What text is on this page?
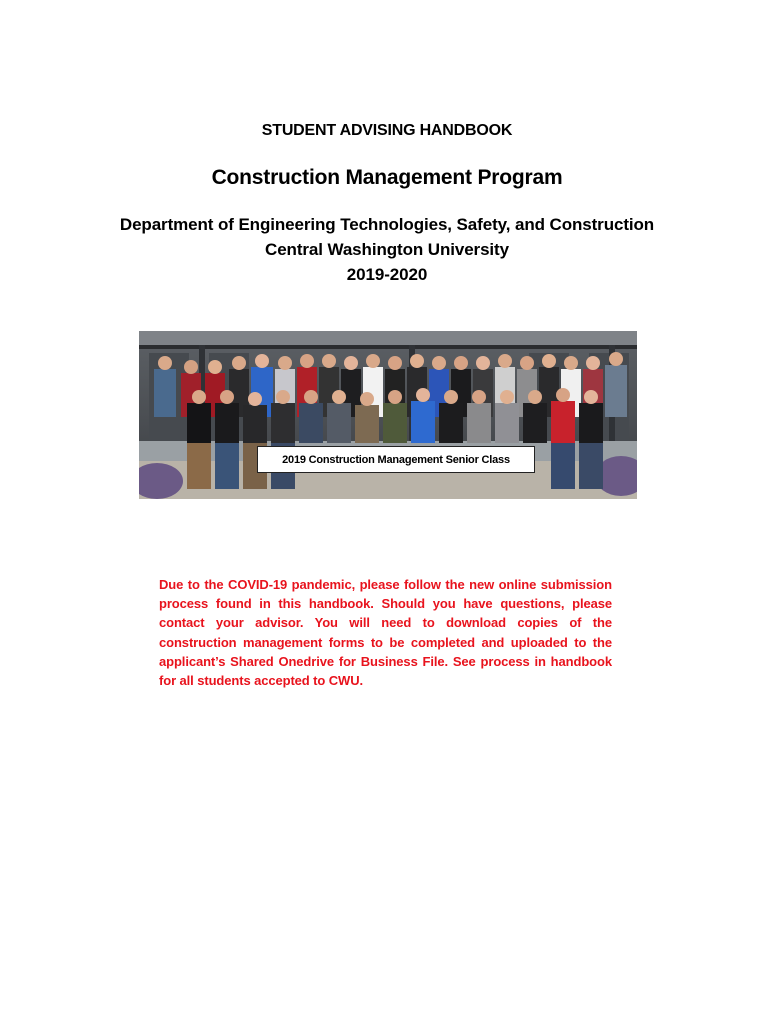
STUDENT ADVISING HANDBOOK
Construction Management Program
Department of Engineering Technologies, Safety, and Construction
Central Washington University
2019-2020
2019 Construction Management Senior Class
Due to the COVID-19 pandemic, please follow the new online submission process found in this handbook. Should you have questions, please contact your advisor. You will need to download copies of the construction management forms to be completed and uploaded to the applicant’s Shared Onedrive for Business File. See process in handbook for all students accepted to CWU.
